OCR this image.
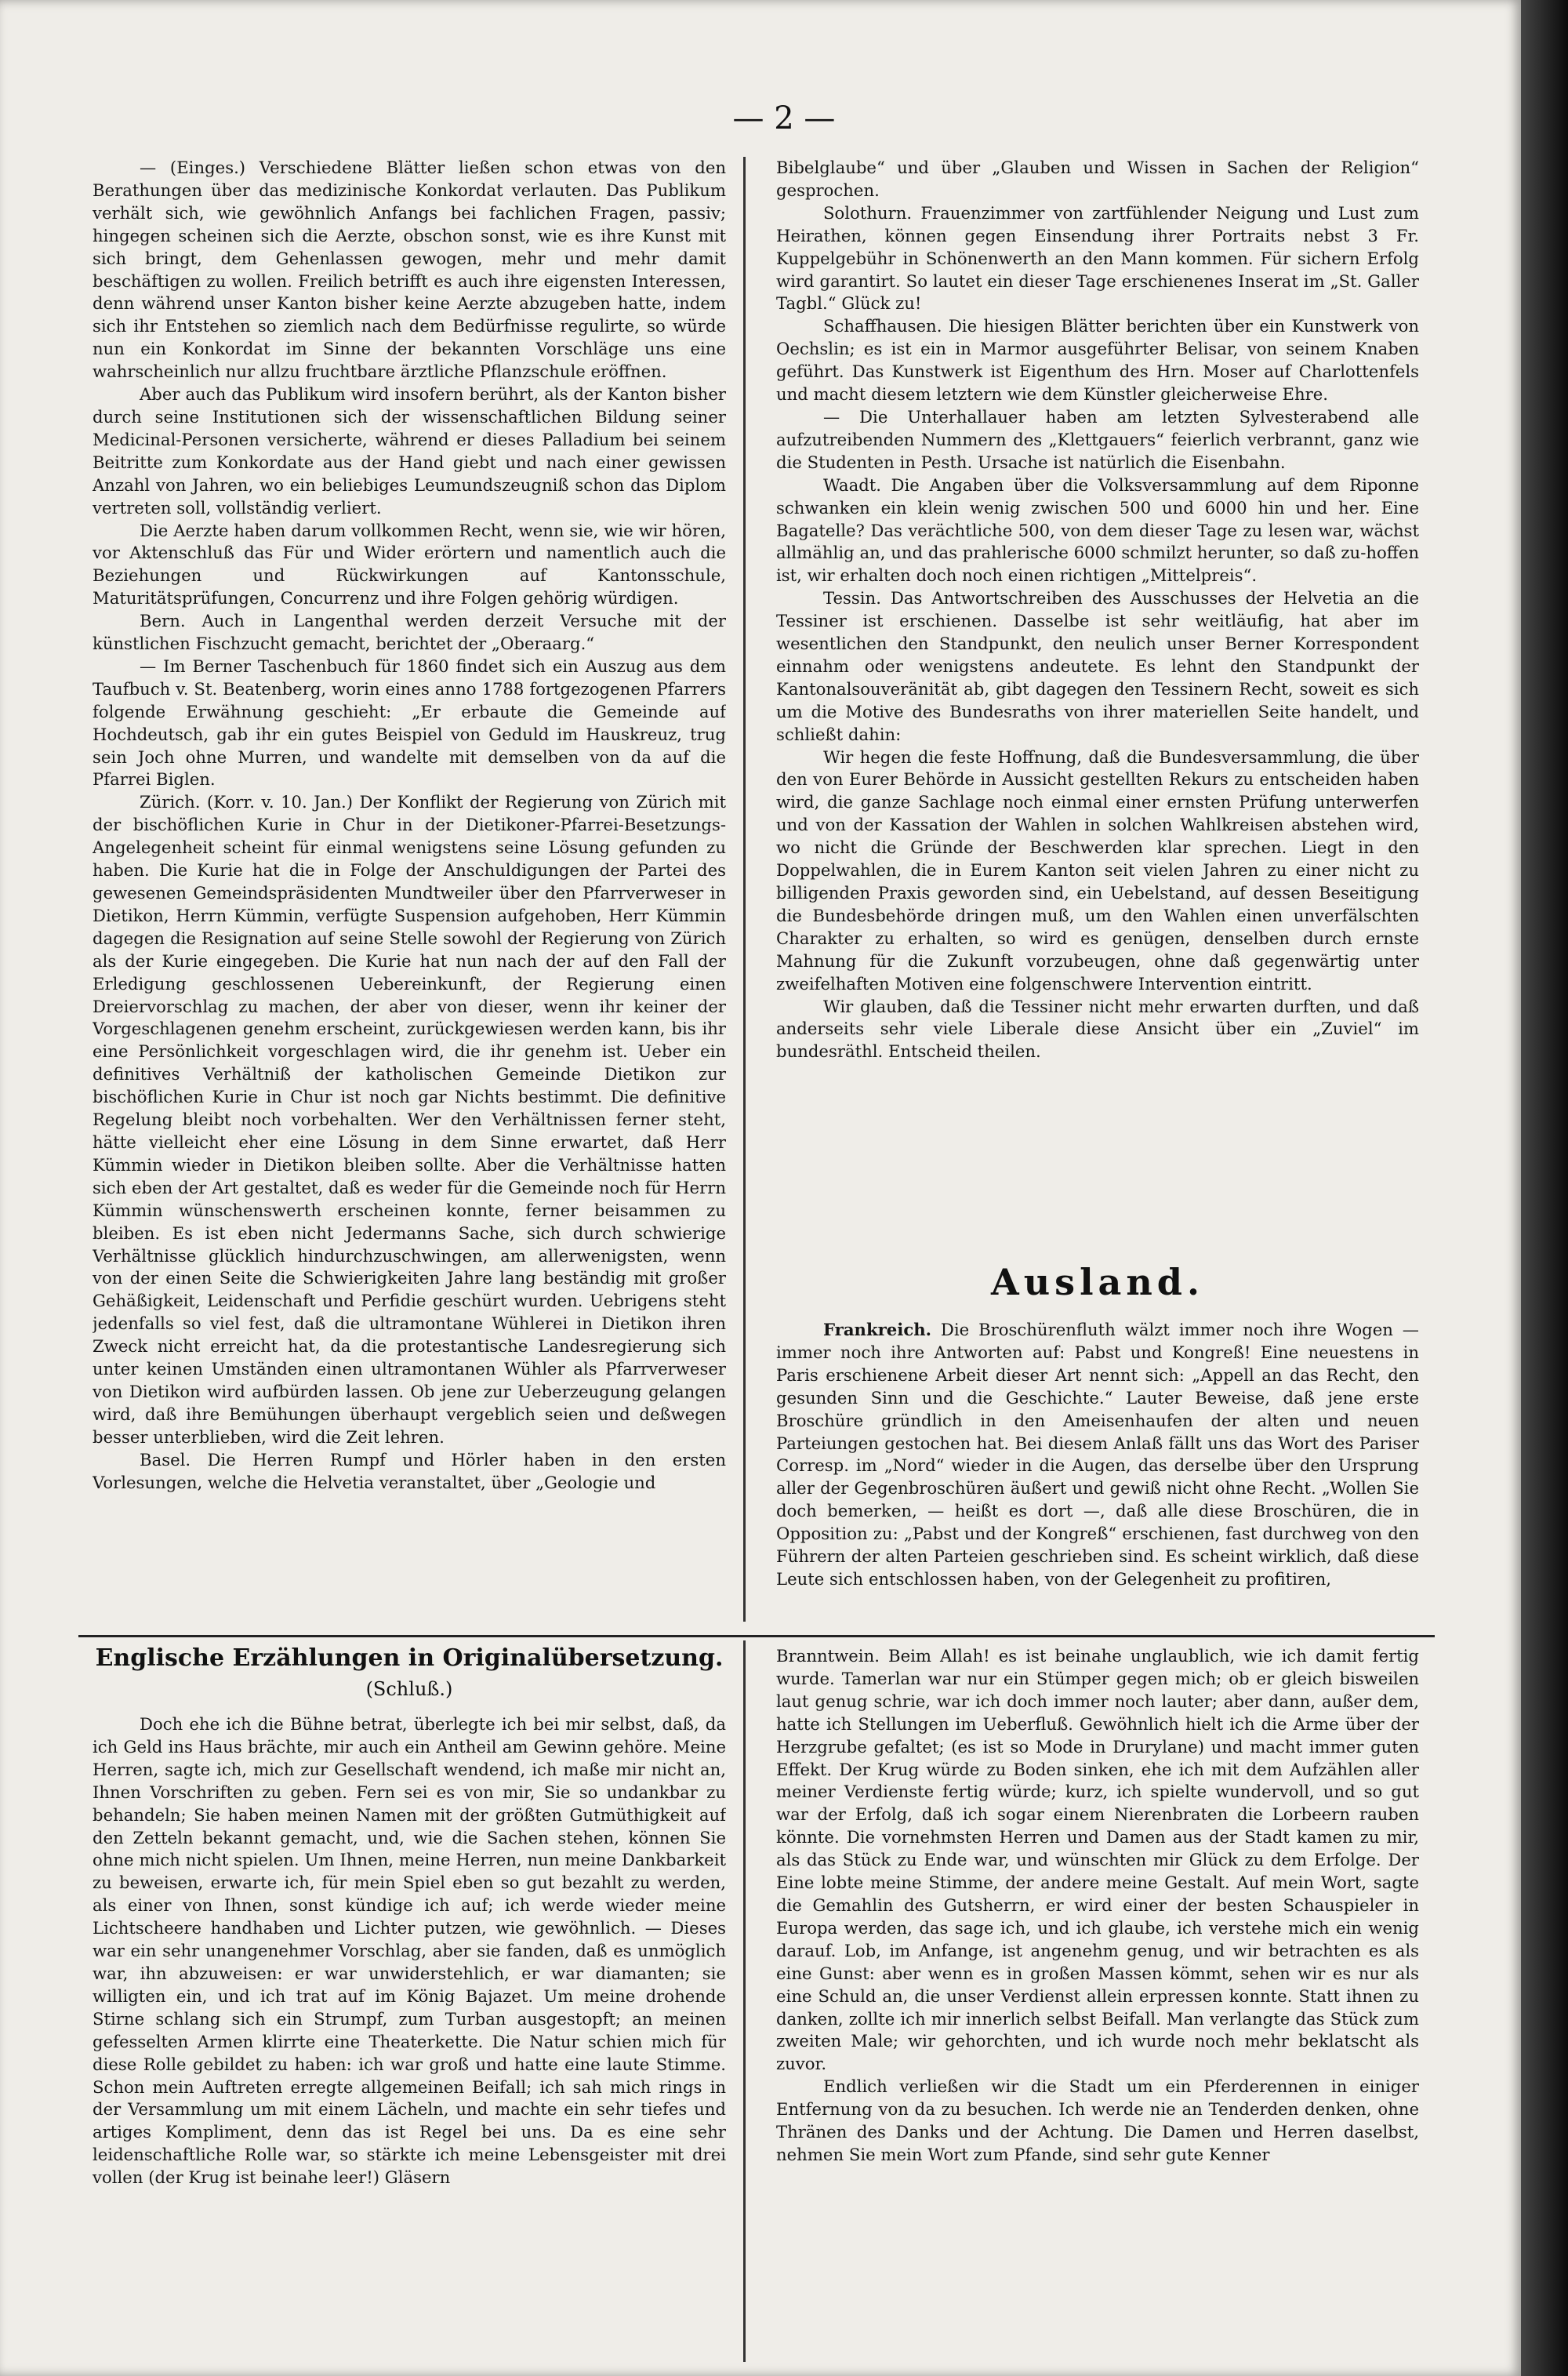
— 2 —

— (Einges.) Verschiedene Blätter ließen schon etwas von den Berathungen über das medizinische Konkordat verlauten. Das Publikum verhält sich, wie gewöhnlich Anfangs bei fachlichen Fragen, passiv; hingegen scheinen sich die Aerzte, obschon sonst, wie es ihre Kunst mit sich bringt, dem Gehenlassen gewogen, mehr und mehr damit beschäftigen zu wollen. Freilich betrifft es auch ihre eigensten Interessen, denn während unser Kanton bisher keine Aerzte abzugeben hatte, indem sich ihr Entstehen so ziemlich nach dem Bedürfnisse regulirte, so würde nun ein Konkordat im Sinne der bekannten Vorschläge uns eine wahrscheinlich nur allzu fruchtbare ärztliche Pflanzschule eröffnen.

Aber auch das Publikum wird insofern berührt, als der Kanton bisher durch seine Institutionen sich der wissenschaftlichen Bildung seiner Medicinal-Personen versicherte, während er dieses Palladium bei seinem Beitritte zum Konkordate aus der Hand giebt und nach einer gewissen Anzahl von Jahren, wo ein beliebiges Leumundszeugniß schon das Diplom vertreten soll, vollständig verliert.

Die Aerzte haben darum vollkommen Recht, wenn sie, wie wir hören, vor Aktenschluß das Für und Wider erörtern und namentlich auch die Beziehungen und Rückwirkungen auf Kantonsschule, Maturitätsprüfungen, Concurrenz und ihre Folgen gehörig würdigen.

Bern. Auch in Langenthal werden derzeit Versuche mit der künstlichen Fischzucht gemacht, berichtet der „Oberaarg.“

— Im Berner Taschenbuch für 1860 findet sich ein Auszug aus dem Taufbuch v. St. Beatenberg, worin eines anno 1788 fortgezogenen Pfarrers folgende Erwähnung geschieht: „Er erbaute die Gemeinde auf Hochdeutsch, gab ihr ein gutes Beispiel von Geduld im Hauskreuz, trug sein Joch ohne Murren, und wandelte mit demselben von da auf die Pfarrei Biglen.

Zürich. (Korr. v. 10. Jan.) Der Konflikt der Regierung von Zürich mit der bischöflichen Kurie in Chur in der Dietikoner-Pfarrei-Besetzungs-Angelegenheit scheint für einmal wenigstens seine Lösung gefunden zu haben. Die Kurie hat die in Folge der Anschuldigungen der Partei des gewesenen Gemeindspräsidenten Mundtweiler über den Pfarrverweser in Dietikon, Herrn Kümmin, verfügte Suspension aufgehoben, Herr Kümmin dagegen die Resignation auf seine Stelle sowohl der Regierung von Zürich als der Kurie eingegeben. Die Kurie hat nun nach der auf den Fall der Erledigung geschlossenen Uebereinkunft, der Regierung einen Dreiervorschlag zu machen, der aber von dieser, wenn ihr keiner der Vorgeschlagenen genehm erscheint, zurückgewiesen werden kann, bis ihr eine Persönlichkeit vorgeschlagen wird, die ihr genehm ist. Ueber ein definitives Verhältniß der katholischen Gemeinde Dietikon zur bischöflichen Kurie in Chur ist noch gar Nichts bestimmt. Die definitive Regelung bleibt noch vorbehalten. Wer den Verhältnissen ferner steht, hätte vielleicht eher eine Lösung in dem Sinne erwartet, daß Herr Kümmin wieder in Dietikon bleiben sollte. Aber die Verhältnisse hatten sich eben der Art gestaltet, daß es weder für die Gemeinde noch für Herrn Kümmin wünschenswerth erscheinen konnte, ferner beisammen zu bleiben. Es ist eben nicht Jedermanns Sache, sich durch schwierige Verhältnisse glücklich hindurchzuschwingen, am allerwenigsten, wenn von der einen Seite die Schwierigkeiten Jahre lang beständig mit großer Gehäßigkeit, Leidenschaft und Perfidie geschürt wurden. Uebrigens steht jedenfalls so viel fest, daß die ultramontane Wühlerei in Dietikon ihren Zweck nicht erreicht hat, da die protestantische Landesregierung sich unter keinen Umständen einen ultramontanen Wühler als Pfarrverweser von Dietikon wird aufbürden lassen. Ob jene zur Ueberzeugung gelangen wird, daß ihre Bemühungen überhaupt vergeblich seien und deßwegen besser unterblieben, wird die Zeit lehren.

Basel. Die Herren Rumpf und Hörler haben in den ersten Vorlesungen, welche die Helvetia veranstaltet, über „Geologie und

Bibelglaube“ und über „Glauben und Wissen in Sachen der Religion“ gesprochen.

Solothurn. Frauenzimmer von zartfühlender Neigung und Lust zum Heirathen, können gegen Einsendung ihrer Portraits nebst 3 Fr. Kuppelgebühr in Schönenwerth an den Mann kommen. Für sichern Erfolg wird garantirt. So lautet ein dieser Tage erschienenes Inserat im „St. Galler Tagbl.“ Glück zu!

Schaffhausen. Die hiesigen Blätter berichten über ein Kunstwerk von Oechslin; es ist ein in Marmor ausgeführter Belisar, von seinem Knaben geführt. Das Kunstwerk ist Eigenthum des Hrn. Moser auf Charlottenfels und macht diesem letztern wie dem Künstler gleicherweise Ehre.

— Die Unterhallauer haben am letzten Sylvesterabend alle aufzutreibenden Nummern des „Klettgauers“ feierlich verbrannt, ganz wie die Studenten in Pesth. Ursache ist natürlich die Eisenbahn.

Waadt. Die Angaben über die Volksversammlung auf dem Riponne schwanken ein klein wenig zwischen 500 und 6000 hin und her. Eine Bagatelle? Das verächtliche 500, von dem dieser Tage zu lesen war, wächst allmählig an, und das prahlerische 6000 schmilzt herunter, so daß zu-hoffen ist, wir erhalten doch noch einen richtigen „Mittelpreis“.

Tessin. Das Antwortschreiben des Ausschusses der Helvetia an die Tessiner ist erschienen. Dasselbe ist sehr weitläufig, hat aber im wesentlichen den Standpunkt, den neulich unser Berner Korrespondent einnahm oder wenigstens andeutete. Es lehnt den Standpunkt der Kantonalsouveränität ab, gibt dagegen den Tessinern Recht, soweit es sich um die Motive des Bundesraths von ihrer materiellen Seite handelt, und schließt dahin:

Wir hegen die feste Hoffnung, daß die Bundesversammlung, die über den von Eurer Behörde in Aussicht gestellten Rekurs zu entscheiden haben wird, die ganze Sachlage noch einmal einer ernsten Prüfung unterwerfen und von der Kassation der Wahlen in solchen Wahlkreisen abstehen wird, wo nicht die Gründe der Beschwerden klar sprechen. Liegt in den Doppelwahlen, die in Eurem Kanton seit vielen Jahren zu einer nicht zu billigenden Praxis geworden sind, ein Uebelstand, auf dessen Beseitigung die Bundesbehörde dringen muß, um den Wahlen einen unverfälschten Charakter zu erhalten, so wird es genügen, denselben durch ernste Mahnung für die Zukunft vorzubeugen, ohne daß gegenwärtig unter zweifelhaften Motiven eine folgenschwere Intervention eintritt.

Wir glauben, daß die Tessiner nicht mehr erwarten durften, und daß anderseits sehr viele Liberale diese Ansicht über ein „Zuviel“ im bundesräthl. Entscheid theilen.

Ausland.

Frankreich. Die Broschürenfluth wälzt immer noch ihre Wogen — immer noch ihre Antworten auf: Pabst und Kongreß! Eine neuestens in Paris erschienene Arbeit dieser Art nennt sich: „Appell an das Recht, den gesunden Sinn und die Geschichte.“ Lauter Beweise, daß jene erste Broschüre gründlich in den Ameisenhaufen der alten und neuen Parteiungen gestochen hat. Bei diesem Anlaß fällt uns das Wort des Pariser Corresp. im „Nord“ wieder in die Augen, das derselbe über den Ursprung aller der Gegenbroschüren äußert und gewiß nicht ohne Recht. „Wollen Sie doch bemerken, — heißt es dort —, daß alle diese Broschüren, die in Opposition zu: „Pabst und der Kongreß“ erschienen, fast durchweg von den Führern der alten Parteien geschrieben sind. Es scheint wirklich, daß diese Leute sich entschlossen haben, von der Gelegenheit zu profitiren,

Englische Erzählungen in Originalübersetzung.
(Schluß.)

Doch ehe ich die Bühne betrat, überlegte ich bei mir selbst, daß, da ich Geld ins Haus brächte, mir auch ein Antheil am Gewinn gehöre. Meine Herren, sagte ich, mich zur Gesellschaft wendend, ich maße mir nicht an, Ihnen Vorschriften zu geben. Fern sei es von mir, Sie so undankbar zu behandeln; Sie haben meinen Namen mit der größten Gutmüthigkeit auf den Zetteln bekannt gemacht, und, wie die Sachen stehen, können Sie ohne mich nicht spielen. Um Ihnen, meine Herren, nun meine Dankbarkeit zu beweisen, erwarte ich, für mein Spiel eben so gut bezahlt zu werden, als einer von Ihnen, sonst kündige ich auf; ich werde wieder meine Lichtscheere handhaben und Lichter putzen, wie gewöhnlich. — Dieses war ein sehr unangenehmer Vorschlag, aber sie fanden, daß es unmöglich war, ihn abzuweisen: er war unwiderstehlich, er war diamanten; sie willigten ein, und ich trat auf im König Bajazet. Um meine drohende Stirne schlang sich ein Strumpf, zum Turban ausgestopft; an meinen gefesselten Armen klirrte eine Theaterkette. Die Natur schien mich für diese Rolle gebildet zu haben: ich war groß und hatte eine laute Stimme. Schon mein Auftreten erregte allgemeinen Beifall; ich sah mich rings in der Versammlung um mit einem Lächeln, und machte ein sehr tiefes und artiges Kompliment, denn das ist Regel bei uns. Da es eine sehr leidenschaftliche Rolle war, so stärkte ich meine Lebensgeister mit drei vollen (der Krug ist beinahe leer!) Gläsern

Branntwein. Beim Allah! es ist beinahe unglaublich, wie ich damit fertig wurde. Tamerlan war nur ein Stümper gegen mich; ob er gleich bisweilen laut genug schrie, war ich doch immer noch lauter; aber dann, außer dem, hatte ich Stellungen im Ueberfluß. Gewöhnlich hielt ich die Arme über der Herzgrube gefaltet; (es ist so Mode in Drurylane) und macht immer guten Effekt. Der Krug würde zu Boden sinken, ehe ich mit dem Aufzählen aller meiner Verdienste fertig würde; kurz, ich spielte wundervoll, und so gut war der Erfolg, daß ich sogar einem Nierenbraten die Lorbeern rauben könnte. Die vornehmsten Herren und Damen aus der Stadt kamen zu mir, als das Stück zu Ende war, und wünschten mir Glück zu dem Erfolge. Der Eine lobte meine Stimme, der andere meine Gestalt. Auf mein Wort, sagte die Gemahlin des Gutsherrn, er wird einer der besten Schauspieler in Europa werden, das sage ich, und ich glaube, ich verstehe mich ein wenig darauf. Lob, im Anfange, ist angenehm genug, und wir betrachten es als eine Gunst: aber wenn es in großen Massen kömmt, sehen wir es nur als eine Schuld an, die unser Verdienst allein erpressen konnte. Statt ihnen zu danken, zollte ich mir innerlich selbst Beifall. Man verlangte das Stück zum zweiten Male; wir gehorchten, und ich wurde noch mehr beklatscht als zuvor.

Endlich verließen wir die Stadt um ein Pferderennen in einiger Entfernung von da zu besuchen. Ich werde nie an Tenderden denken, ohne Thränen des Danks und der Achtung. Die Damen und Herren daselbst, nehmen Sie mein Wort zum Pfande, sind sehr gute Kenner
